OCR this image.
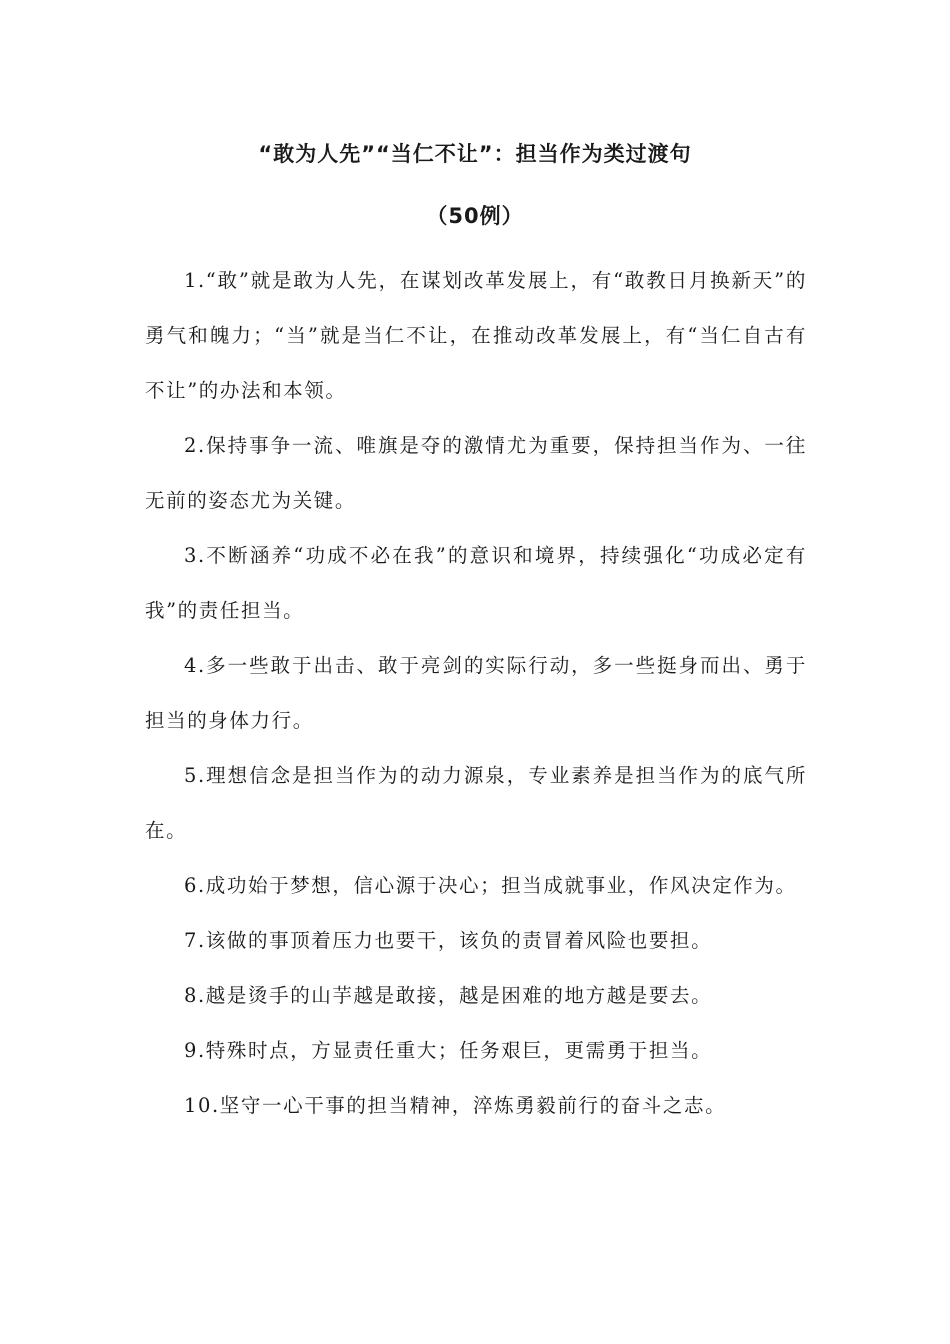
“敢为人先”“当仁不让”：担当作为类过渡句
（50例）

1.“敢”就是敢为人先，在谋划改革发展上，有“敢教日月换新天”的勇气和魄力；“当”就是当仁不让，在推动改革发展上，有“当仁自古有不让”的办法和本领。

2.保持事争一流、唯旗是夺的激情尤为重要，保持担当作为、一往无前的姿态尤为关键。

3.不断涵养“功成不必在我”的意识和境界，持续强化“功成必定有我”的责任担当。

4.多一些敢于出击、敢于亮剑的实际行动，多一些挺身而出、勇于担当的身体力行。

5.理想信念是担当作为的动力源泉，专业素养是担当作为的底气所在。

6.成功始于梦想，信心源于决心；担当成就事业，作风决定作为。

7.该做的事顶着压力也要干，该负的责冒着风险也要担。

8.越是烫手的山芋越是敢接，越是困难的地方越是要去。

9.特殊时点，方显责任重大；任务艰巨，更需勇于担当。

10.坚守一心干事的担当精神，淬炼勇毅前行的奋斗之志。
